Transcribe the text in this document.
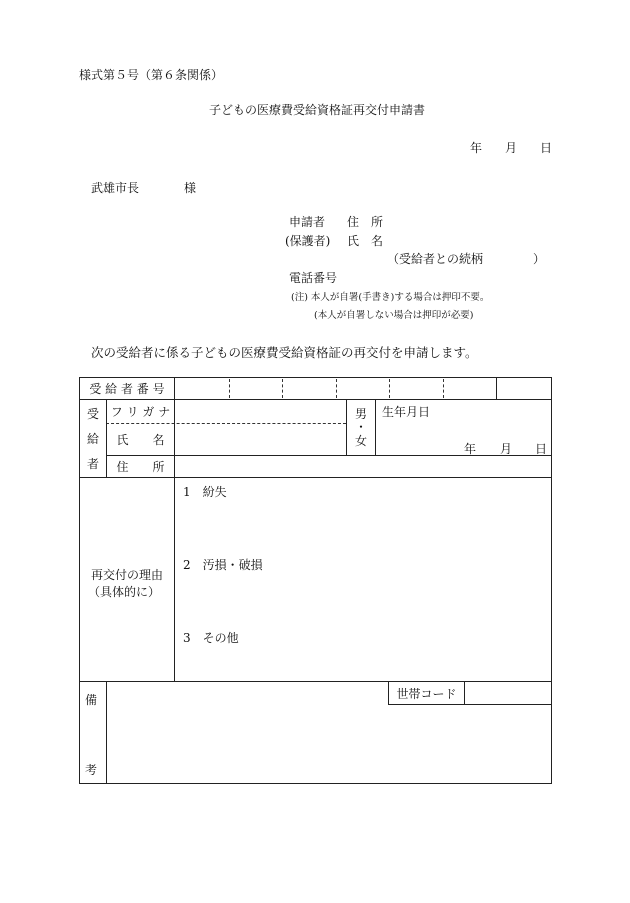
様式第５号（第６条関係）
子どもの医療費受給資格証再交付申請書
年 月 日
武雄市長	様
申請者 住　所
(保護者) 氏　名
（受給者との続柄	）
電話番号
(注) 本人が自署(手書き)する場合は押印不要。
(本人が自署しない場合は押印が必要)
次の受給者に係る子どもの医療費受給資格証の再交付を申請します。
受 給 者 番 号
受
給
者
フ リ ガ ナ
氏　　名
住　　所
男
・
女
生年月日
年 月 日
再交付の理由
（具体的に）
1　紛失
2　汚損・破損
3　その他
備
考
世帯コード
